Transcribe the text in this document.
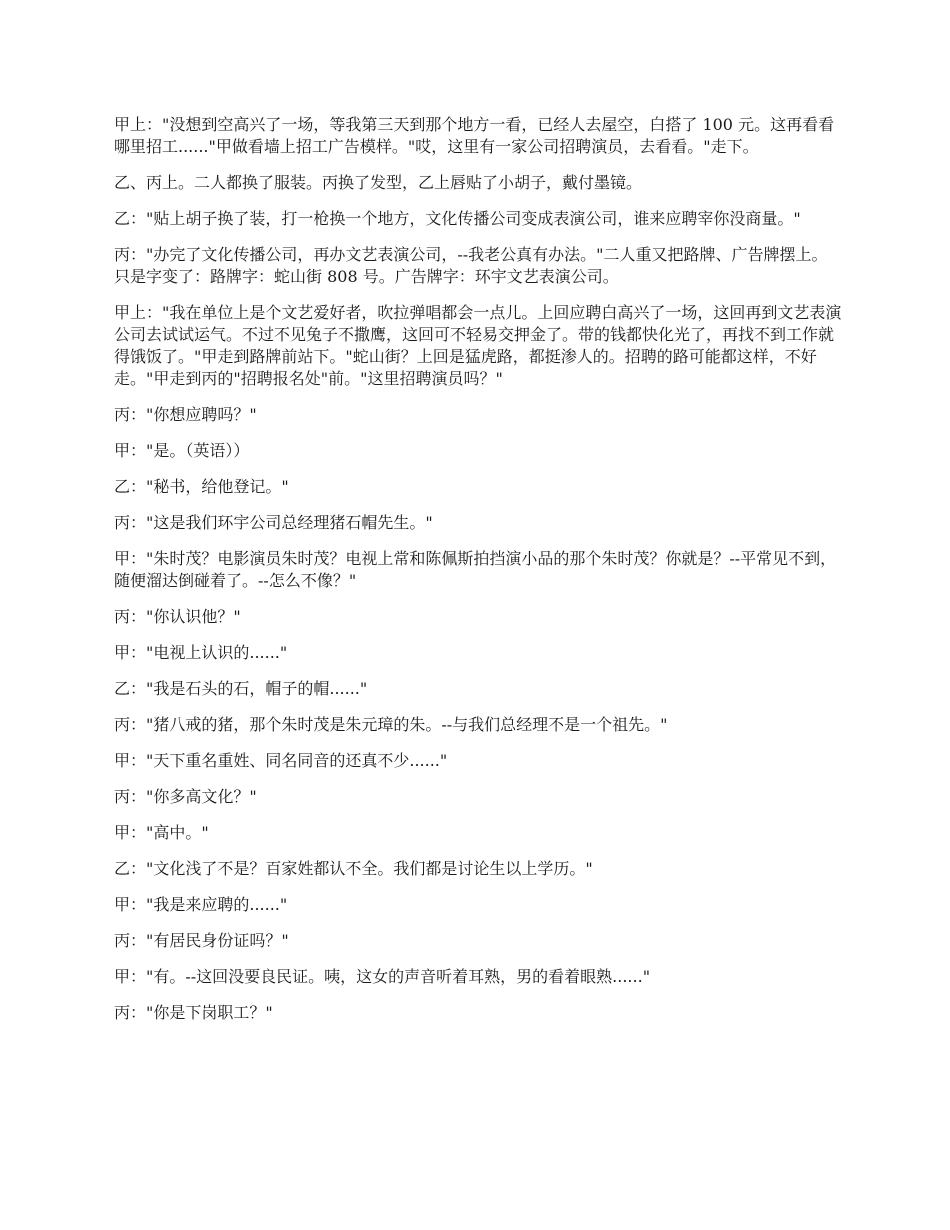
甲上："没想到空高兴了一场，等我第三天到那个地方一看，已经人去屋空，白搭了 100 元。这再看看哪里招工......"甲做看墙上招工广告模样。"哎，这里有一家公司招聘演员，去看看。"走下。

乙、丙上。二人都换了服装。丙换了发型，乙上唇贴了小胡子，戴付墨镜。

乙："贴上胡子换了装，打一枪换一个地方，文化传播公司变成表演公司，谁来应聘宰你没商量。"

丙："办完了文化传播公司，再办文艺表演公司，--我老公真有办法。"二人重又把路牌、广告牌摆上。只是字变了：路牌字：蛇山街 808 号。广告牌字：环宇文艺表演公司。

甲上："我在单位上是个文艺爱好者，吹拉弹唱都会一点儿。上回应聘白高兴了一场，这回再到文艺表演公司去试试运气。不过不见兔子不撒鹰，这回可不轻易交押金了。带的钱都快化光了，再找不到工作就得饿饭了。"甲走到路牌前站下。"蛇山街？上回是猛虎路，都挺渗人的。招聘的路可能都这样，不好走。"甲走到丙的"招聘报名处"前。"这里招聘演员吗？"

丙："你想应聘吗？"

甲："是。（英语））

乙："秘书，给他登记。"

丙："这是我们环宇公司总经理猪石帽先生。"

甲："朱时茂？电影演员朱时茂？电视上常和陈佩斯拍挡演小品的那个朱时茂？你就是？--平常见不到，随便溜达倒碰着了。--怎么不像？"

丙："你认识他？"

甲："电视上认识的......"

乙："我是石头的石，帽子的帽......"

丙："猪八戒的猪，那个朱时茂是朱元璋的朱。--与我们总经理不是一个祖先。"

甲："天下重名重姓、同名同音的还真不少......"

丙："你多高文化？"

甲："高中。"

乙："文化浅了不是？百家姓都认不全。我们都是讨论生以上学历。"

甲："我是来应聘的......"

丙："有居民身份证吗？"

甲："有。--这回没要良民证。咦，这女的声音听着耳熟，男的看着眼熟......"

丙："你是下岗职工？"
